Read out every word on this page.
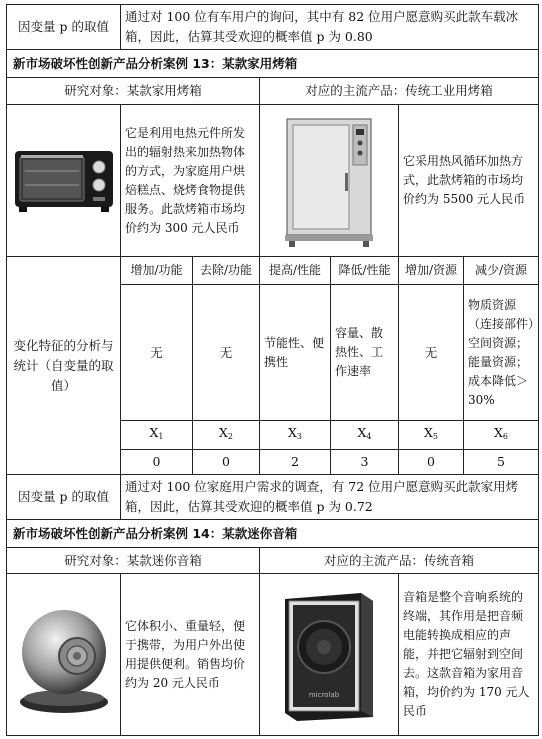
因变量 p 的取值	通过对 100 位有车用户的询问，其中有 82 位用户愿意购买此款车载冰箱，因此，估算其受欢迎的概率值 p 为 0.80					
新市场破坏性创新产品分析案例 13：某款家用烤箱						
研究对象：某款家用烤箱			对应的主流产品：传统工业用烤箱			

	它是利用电热元件所发出的辐射热来加热物体的方式，为家庭用户烘焙糕点、烧烤食物提供服务。此款烤箱市场均价约为 300 元人民币				它采用热风循环加热方式，此款烤箱的市场均价约为 5500 元人民币	
变化特征的分析与统计（自变量的取值）	增加/功能	去除/功能	提高/性能	降低/性能	增加/资源	减少/资源
	无	无	节能性、便携性	容量、散热性、工作速率	无	物质资源（连接部件）空间资源；能量资源；成本降低＞30%
	$X_1$	$X_2$	$X_3$	$X_4$	$X_5$	$X_6$
	0	0	2	3	0	5
因变量 p 的取值	通过对 100 位家庭用户需求的调查，有 72 位用户愿意购买此款家用烤箱，因此，估算其受欢迎的概率值 p 为 0.72					
新市场破坏性创新产品分析案例 14：某款迷你音箱						
研究对象：某款迷你音箱			对应的主流产品：传统音箱			

	它体积小、重量轻，便于携带，为用户外出使用提供便利。销售均价约为 20 元人民币		microlab		音箱是整个音响系统的终端，其作用是把音频电能转换成相应的声能，并把它辐射到空间去。这款音箱为家用音箱，均价约为 170 元人民币	
